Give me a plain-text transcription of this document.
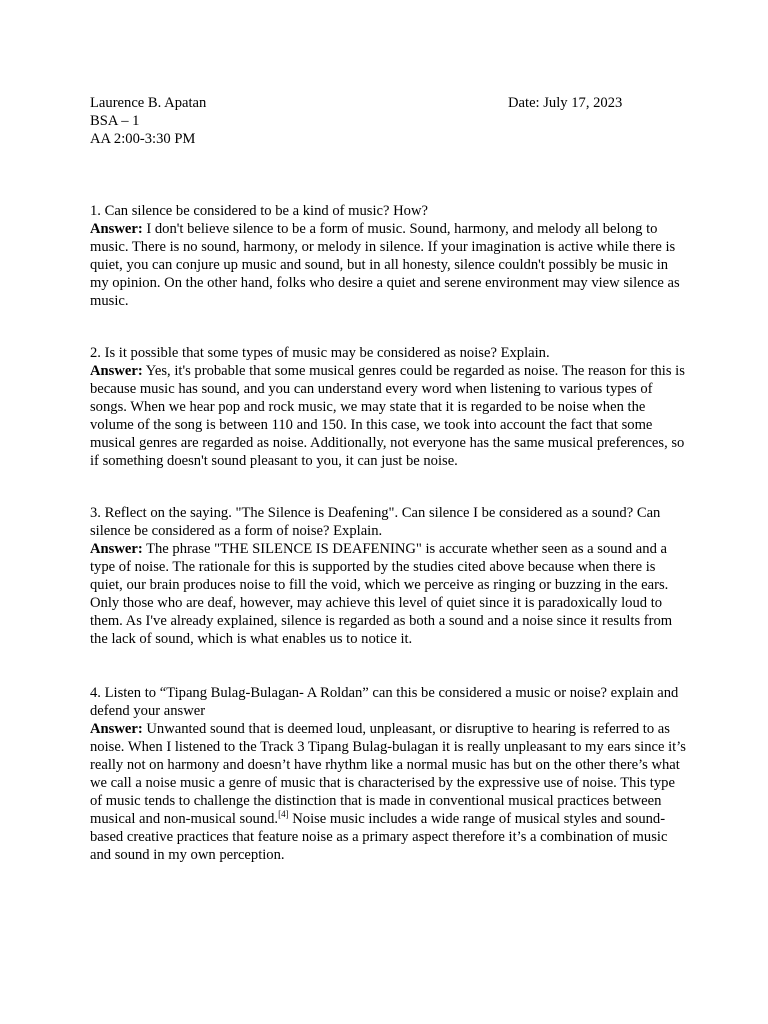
Laurence B. Apatan	Date: July 17, 2023
BSA – 1
AA 2:00-3:30 PM

1. Can silence be considered to be a kind of music? How?

Answer: I don't believe silence to be a form of music. Sound, harmony, and melody all belong to music. There is no sound, harmony, or melody in silence. If your imagination is active while there is quiet, you can conjure up music and sound, but in all honesty, silence couldn't possibly be music in my opinion. On the other hand, folks who desire a quiet and serene environment may view silence as music.

2. Is it possible that some types of music may be considered as noise? Explain.

Answer: Yes, it's probable that some musical genres could be regarded as noise. The reason for this is because music has sound, and you can understand every word when listening to various types of songs. When we hear pop and rock music, we may state that it is regarded to be noise when the volume of the song is between 110 and 150. In this case, we took into account the fact that some musical genres are regarded as noise. Additionally, not everyone has the same musical preferences, so if something doesn't sound pleasant to you, it can just be noise.

3. Reflect on the saying. "The Silence is Deafening". Can silence I be considered as a sound? Can silence be considered as a form of noise? Explain.

Answer: The phrase "THE SILENCE IS DEAFENING" is accurate whether seen as a sound and a type of noise. The rationale for this is supported by the studies cited above because when there is quiet, our brain produces noise to fill the void, which we perceive as ringing or buzzing in the ears. Only those who are deaf, however, may achieve this level of quiet since it is paradoxically loud to them. As I've already explained, silence is regarded as both a sound and a noise since it results from the lack of sound, which is what enables us to notice it.

4. Listen to “Tipang Bulag-Bulagan- A Roldan” can this be considered a music or noise? explain and defend your answer

Answer: Unwanted sound that is deemed loud, unpleasant, or disruptive to hearing is referred to as noise. When I listened to the Track 3 Tipang Bulag-bulagan it is really unpleasant to my ears since it’s really not on harmony and doesn’t have rhythm like a normal music has but on the other there’s what we call a noise music a genre of music that is characterised by the expressive use of noise. This type of music tends to challenge the distinction that is made in conventional musical practices between musical and non-musical sound.[4] Noise music includes a wide range of musical styles and sound-based creative practices that feature noise as a primary aspect therefore it’s a combination of music and sound in my own perception.
